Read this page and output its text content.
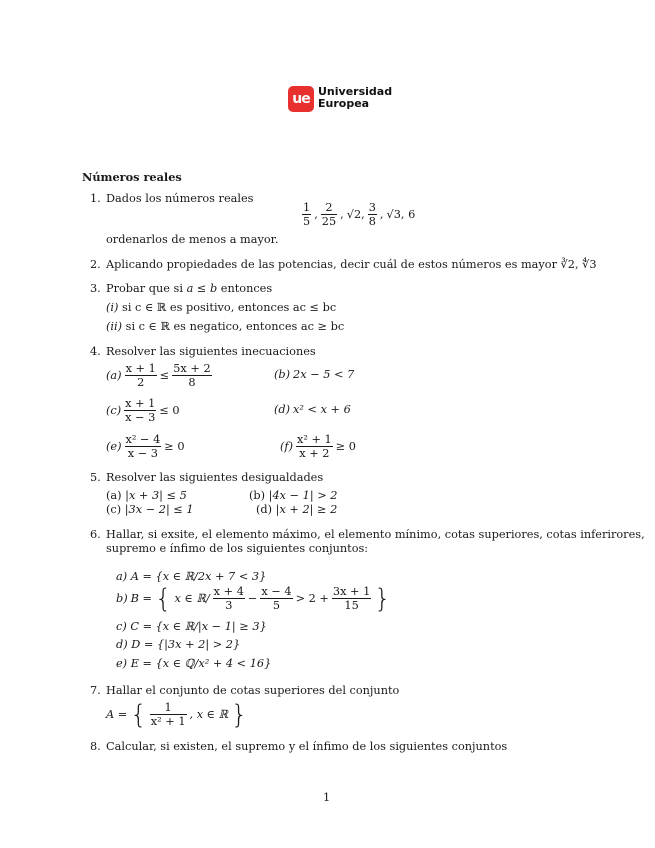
ue Universidad
Europea
Números reales
1. Dados los números reales
$\frac{1}{5}$ , $\frac{2}{25}$ , √2, $\frac{3}{8}$ , √3, 6
ordenarlos de menos a mayor.
2. Aplicando propiedades de las potencias, decir cuál de estos números es mayor ∛2, ∜3
3. Probar que si a ≤ b entonces
(i) si c ∈ ℝ es positivo, entonces ac ≤ bc
(ii) si c ∈ ℝ es negatico, entonces ac ≥ bc
4. Resolver las siguientes inecuaciones
$(a) \frac{x + 1}{2} \le \frac{5x + 2}{8}$	(b) 2x − 5 < 7
$(c) \frac{x + 1}{x - 3} \le 0$	(d) x² < x + 6
$(e) \frac{\text{x² − 4}}{x - 3} \ge 0$	$(f) \frac{\text{x² + 1}}{x + 2} \ge 0$
5. Resolver las siguientes desigualdades
(a) |x + 3| ≤ 5	(b) |4x − 1| > 2
(c) |3x − 2| ≤ 1	(d) |x + 2| ≥ 2
6. Hallar, si exsite, el elemento máximo, el elemento mínimo, cotas superiores, cotas inferirores,
supremo e ínfimo de los siguientes conjuntos:
a) A = {x ∈ ℝ/2x + 7 < 3}
b) B = { x ∈ ℝ/ $\frac{x + 4}{3} - \frac{x - 4}{5} > 2 + \frac{3x + 1}{15}$ }
c) C = {x ∈ ℝ/|x − 1| ≥ 3}
d) D = {|3x + 2| > 2}
e) E = {x ∈ ℚ/x² + 4 < 16}
7. Hallar el conjunto de cotas superiores del conjunto
A = { $\frac{1}{\text{x² + 1}}$ , x ∈ ℝ }
8. Calcular, si existen, el supremo y el ínfimo de los siguientes conjuntos
1
